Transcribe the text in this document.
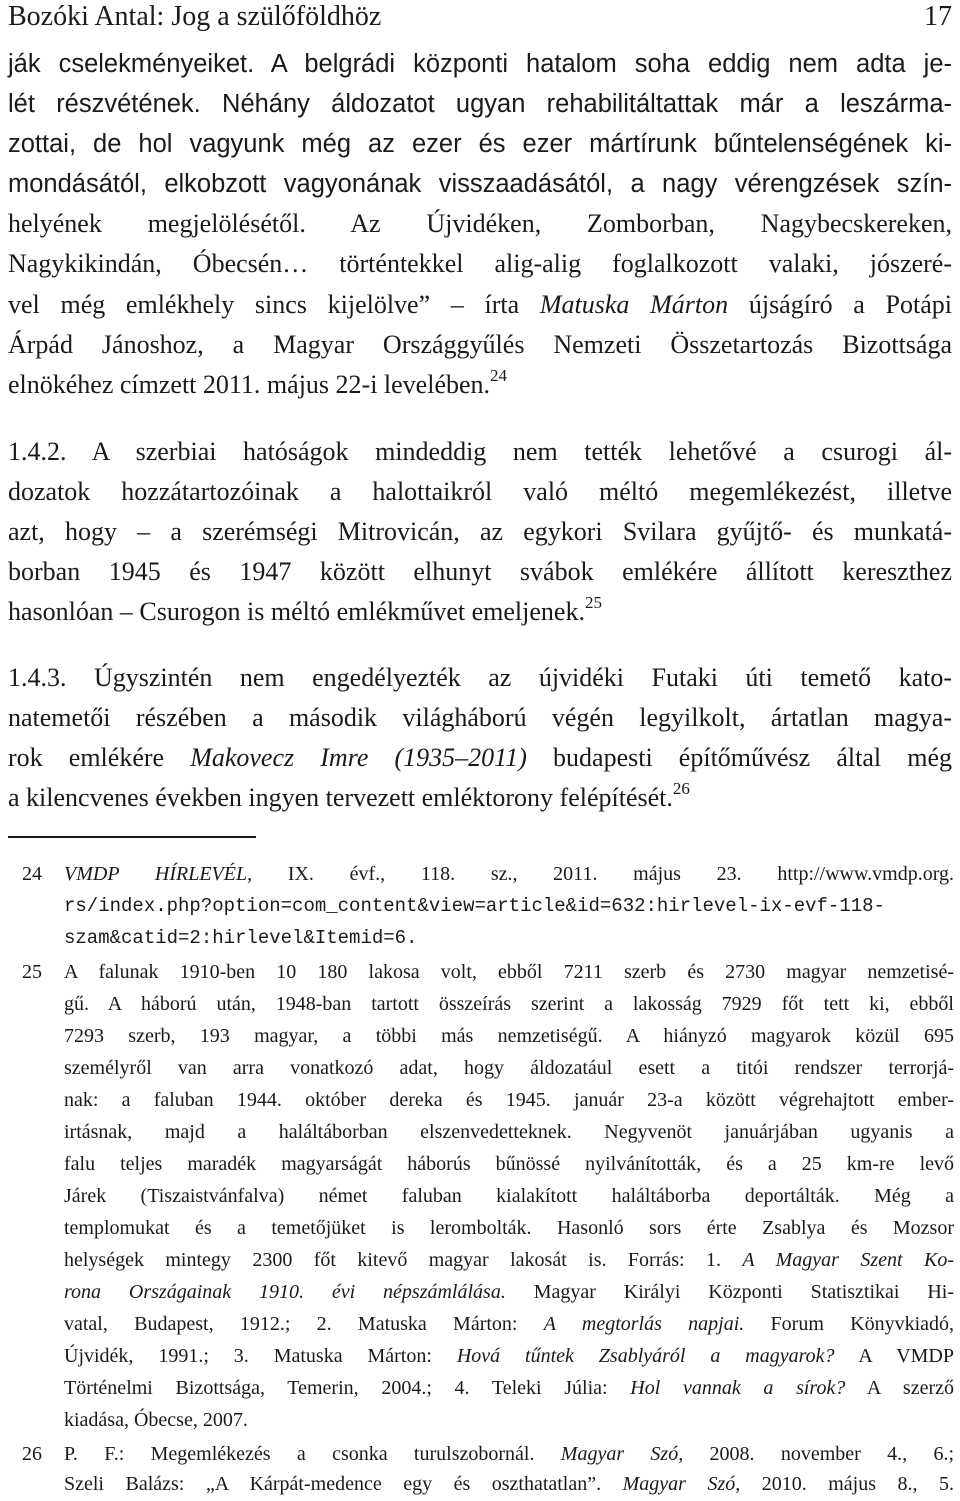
Bozóki Antal: Jog a szülőföldhöz	17
ják cselekményeiket. A belgrádi központi hatalom soha eddig nem adta je-
lét részvétének. Néhány áldozatot ugyan rehabilitáltattak már a leszárma-
zottai, de hol vagyunk még az ezer és ezer mártírunk bűntelenségének ki-
mondásától, elkobzott vagyonának visszaadásától, a nagy vérengzések szín-
helyének megjelölésétől. Az Újvidéken, Zomborban, Nagybecskereken,
Nagykikindán, Óbecsén… történtekkel alig-alig foglalkozott valaki, jószeré-
vel még emlékhely sincs kijelölve” – írta Matuska Márton újságíró a Potápi
Árpád Jánoshoz, a Magyar Országgyűlés Nemzeti Összetartozás Bizottsága
elnökéhez címzett 2011. május 22-i levelében.$^{24}$
1.4.2. A szerbiai hatóságok mindeddig nem tették lehetővé a csurogi ál-
dozatok hozzátartozóinak a halottaikról való méltó megemlékezést, illetve
azt, hogy – a szerémségi Mitrovicán, az egykori Svilara gyűjtő- és munkatá-
borban 1945 és 1947 között elhunyt svábok emlékére állított kereszthez
hasonlóan – Csurogon is méltó emlékművet emeljenek.$^{25}$
1.4.3. Úgyszintén nem engedélyezték az újvidéki Futaki úti temető kato-
natemetői részében a második világháború végén legyilkolt, ártatlan magya-
rok emlékére Makovecz Imre (1935–2011) budapesti építőművész által még
a kilencvenes években ingyen tervezett emléktorony felépítését.$^{26}$
24	VMDP HÍRLEVÉL, IX. évf., 118. sz., 2011. május 23. http://www.vmdp.org.
rs/index.php?option=com_content&view=article&id=632:hirlevel-ix-evf-118-
szam&catid=2:hirlevel&Itemid=6.
25	A falunak 1910-ben 10 180 lakosa volt, ebből 7211 szerb és 2730 magyar nemzetisé-
gű. A háború után, 1948-ban tartott összeírás szerint a lakosság 7929 főt tett ki, ebből
7293 szerb, 193 magyar, a többi más nemzetiségű. A hiányzó magyarok közül 695
személyről van arra vonatkozó adat, hogy áldozatául esett a titói rendszer terrorjá-
nak: a faluban 1944. október dereka és 1945. január 23-a között végrehajtott ember-
irtásnak, majd a haláltáborban elszenvedetteknek. Negyvenöt januárjában ugyanis a
falu teljes maradék magyarságát háborús bűnössé nyilvánították, és a 25 km-re levő
Járek (Tiszaistvánfalva) német faluban kialakított haláltáborba deportálták. Még a
templomukat és a temetőjüket is lerombolták. Hasonló sors érte Zsablya és Mozsor
helységek mintegy 2300 főt kitevő magyar lakosát is. Forrás: 1. A Magyar Szent Ko-
rona Országainak 1910. évi népszámlálása. Magyar Királyi Központi Statisztikai Hi-
vatal, Budapest, 1912.; 2. Matuska Márton: A megtorlás napjai. Forum Könyvkiadó,
Újvidék, 1991.; 3. Matuska Márton: Hová tűntek Zsablyáról a magyarok? A VMDP
Történelmi Bizottsága, Temerin, 2004.; 4. Teleki Júlia: Hol vannak a sírok? A szerző
kiadása, Óbecse, 2007.
26	P. F.: Megemlékezés a csonka turulszobornál. Magyar Szó, 2008. november 4., 6.;
Szeli Balázs: „A Kárpát-medence egy és oszthatatlan”. Magyar Szó, 2010. május 8., 5.
